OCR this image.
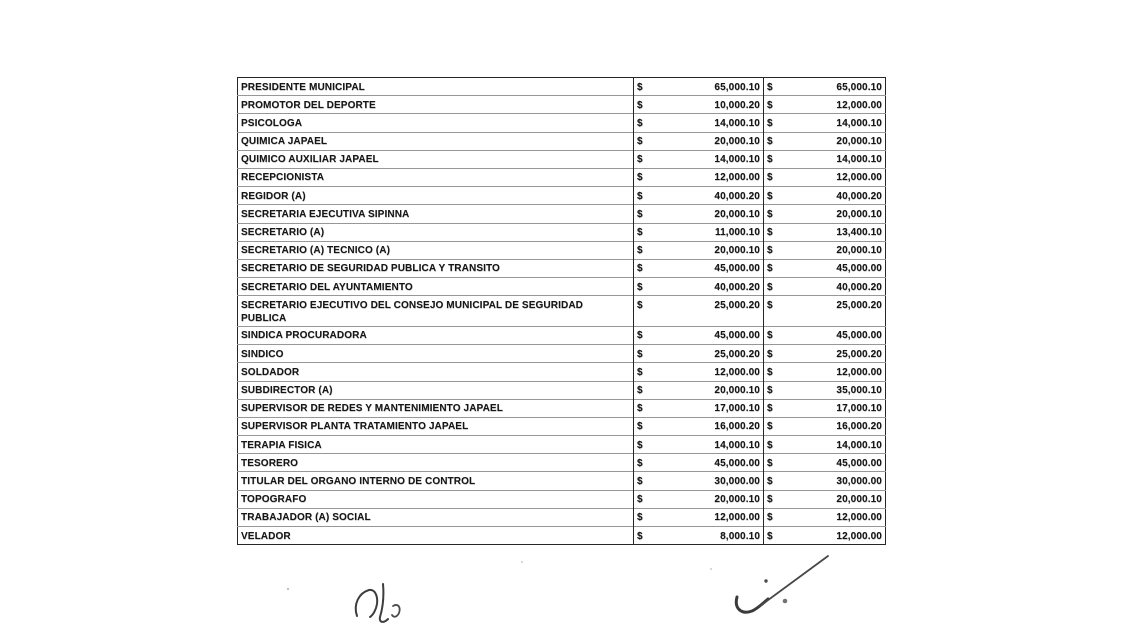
PRESIDENTE MUNICIPAL	$	65,000.10	$	65,000.10
PROMOTOR DEL DEPORTE	$	10,000.20	$	12,000.00
PSICOLOGA	$	14,000.10	$	14,000.10
QUIMICA JAPAEL	$	20,000.10	$	20,000.10
QUIMICO AUXILIAR JAPAEL	$	14,000.10	$	14,000.10
RECEPCIONISTA	$	12,000.00	$	12,000.00
REGIDOR (A)	$	40,000.20	$	40,000.20
SECRETARIA EJECUTIVA SIPINNA	$	20,000.10	$	20,000.10
SECRETARIO (A)	$	11,000.10	$	13,400.10
SECRETARIO (A) TECNICO (A)	$	20,000.10	$	20,000.10
SECRETARIO DE SEGURIDAD PUBLICA Y TRANSITO	$	45,000.00	$	45,000.00
SECRETARIO DEL AYUNTAMIENTO	$	40,000.20	$	40,000.20
SECRETARIO EJECUTIVO DEL CONSEJO MUNICIPAL DE SEGURIDAD PUBLICA	$	25,000.20	$	25,000.20
SINDICA PROCURADORA	$	45,000.00	$	45,000.00
SINDICO	$	25,000.20	$	25,000.20
SOLDADOR	$	12,000.00	$	12,000.00
SUBDIRECTOR (A)	$	20,000.10	$	35,000.10
SUPERVISOR DE REDES Y MANTENIMIENTO JAPAEL	$	17,000.10	$	17,000.10
SUPERVISOR PLANTA TRATAMIENTO JAPAEL	$	16,000.20	$	16,000.20
TERAPIA FISICA	$	14,000.10	$	14,000.10
TESORERO	$	45,000.00	$	45,000.00
TITULAR DEL ORGANO INTERNO DE CONTROL	$	30,000.00	$	30,000.00
TOPOGRAFO	$	20,000.10	$	20,000.10
TRABAJADOR (A) SOCIAL	$	12,000.00	$	12,000.00
VELADOR	$	8,000.10	$	12,000.00
